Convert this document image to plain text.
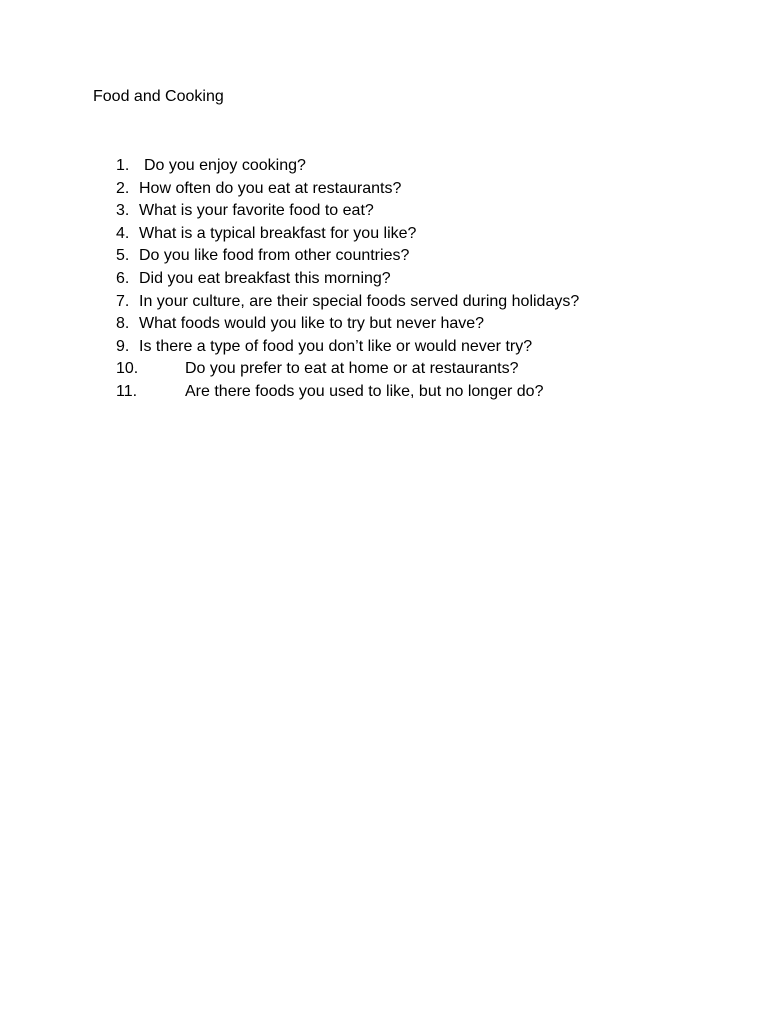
Food and Cooking
1. Do you enjoy cooking?
2. How often do you eat at restaurants?
3. What is your favorite food to eat?
4. What is a typical breakfast for you like?
5. Do you like food from other countries?
6. Did you eat breakfast this morning?
7. In your culture, are their special foods served during holidays?
8. What foods would you like to try but never have?
9. Is there a type of food you don’t like or would never try?
10.	Do you prefer to eat at home or at restaurants?
11.	Are there foods you used to like, but no longer do?
